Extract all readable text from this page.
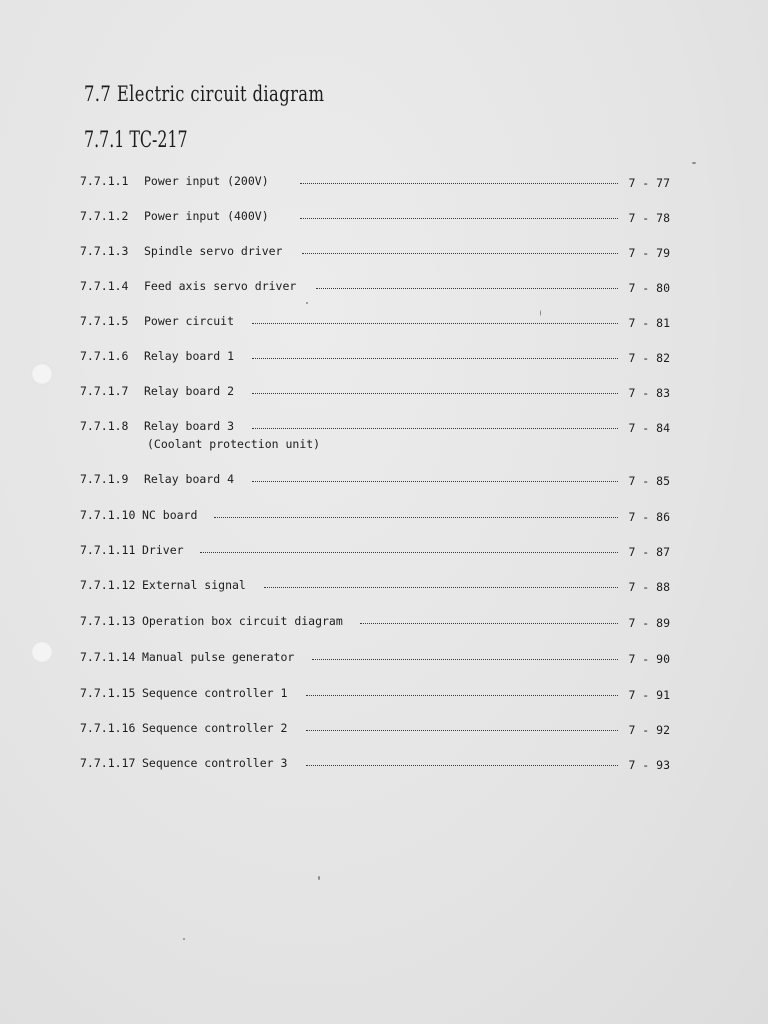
7.7 Electric circuit diagram
7.7.1 TC-217
7.7.1.1 Power input (200V)	7 - 77
7.7.1.2 Power input (400V)	7 - 78
7.7.1.3 Spindle servo driver	7 - 79
7.7.1.4 Feed axis servo driver	7 - 80
7.7.1.5 Power circuit	7 - 81
7.7.1.6 Relay board 1	7 - 82
7.7.1.7 Relay board 2	7 - 83
7.7.1.8 Relay board 3	7 - 84
(Coolant protection unit)
7.7.1.9 Relay board 4	7 - 85
7.7.1.10 NC board	7 - 86
7.7.1.11 Driver	7 - 87
7.7.1.12 External signal	7 - 88
7.7.1.13 Operation box circuit diagram	7 - 89
7.7.1.14 Manual pulse generator	7 - 90
7.7.1.15 Sequence controller 1	7 - 91
7.7.1.16 Sequence controller 2	7 - 92
7.7.1.17 Sequence controller 3	7 - 93
